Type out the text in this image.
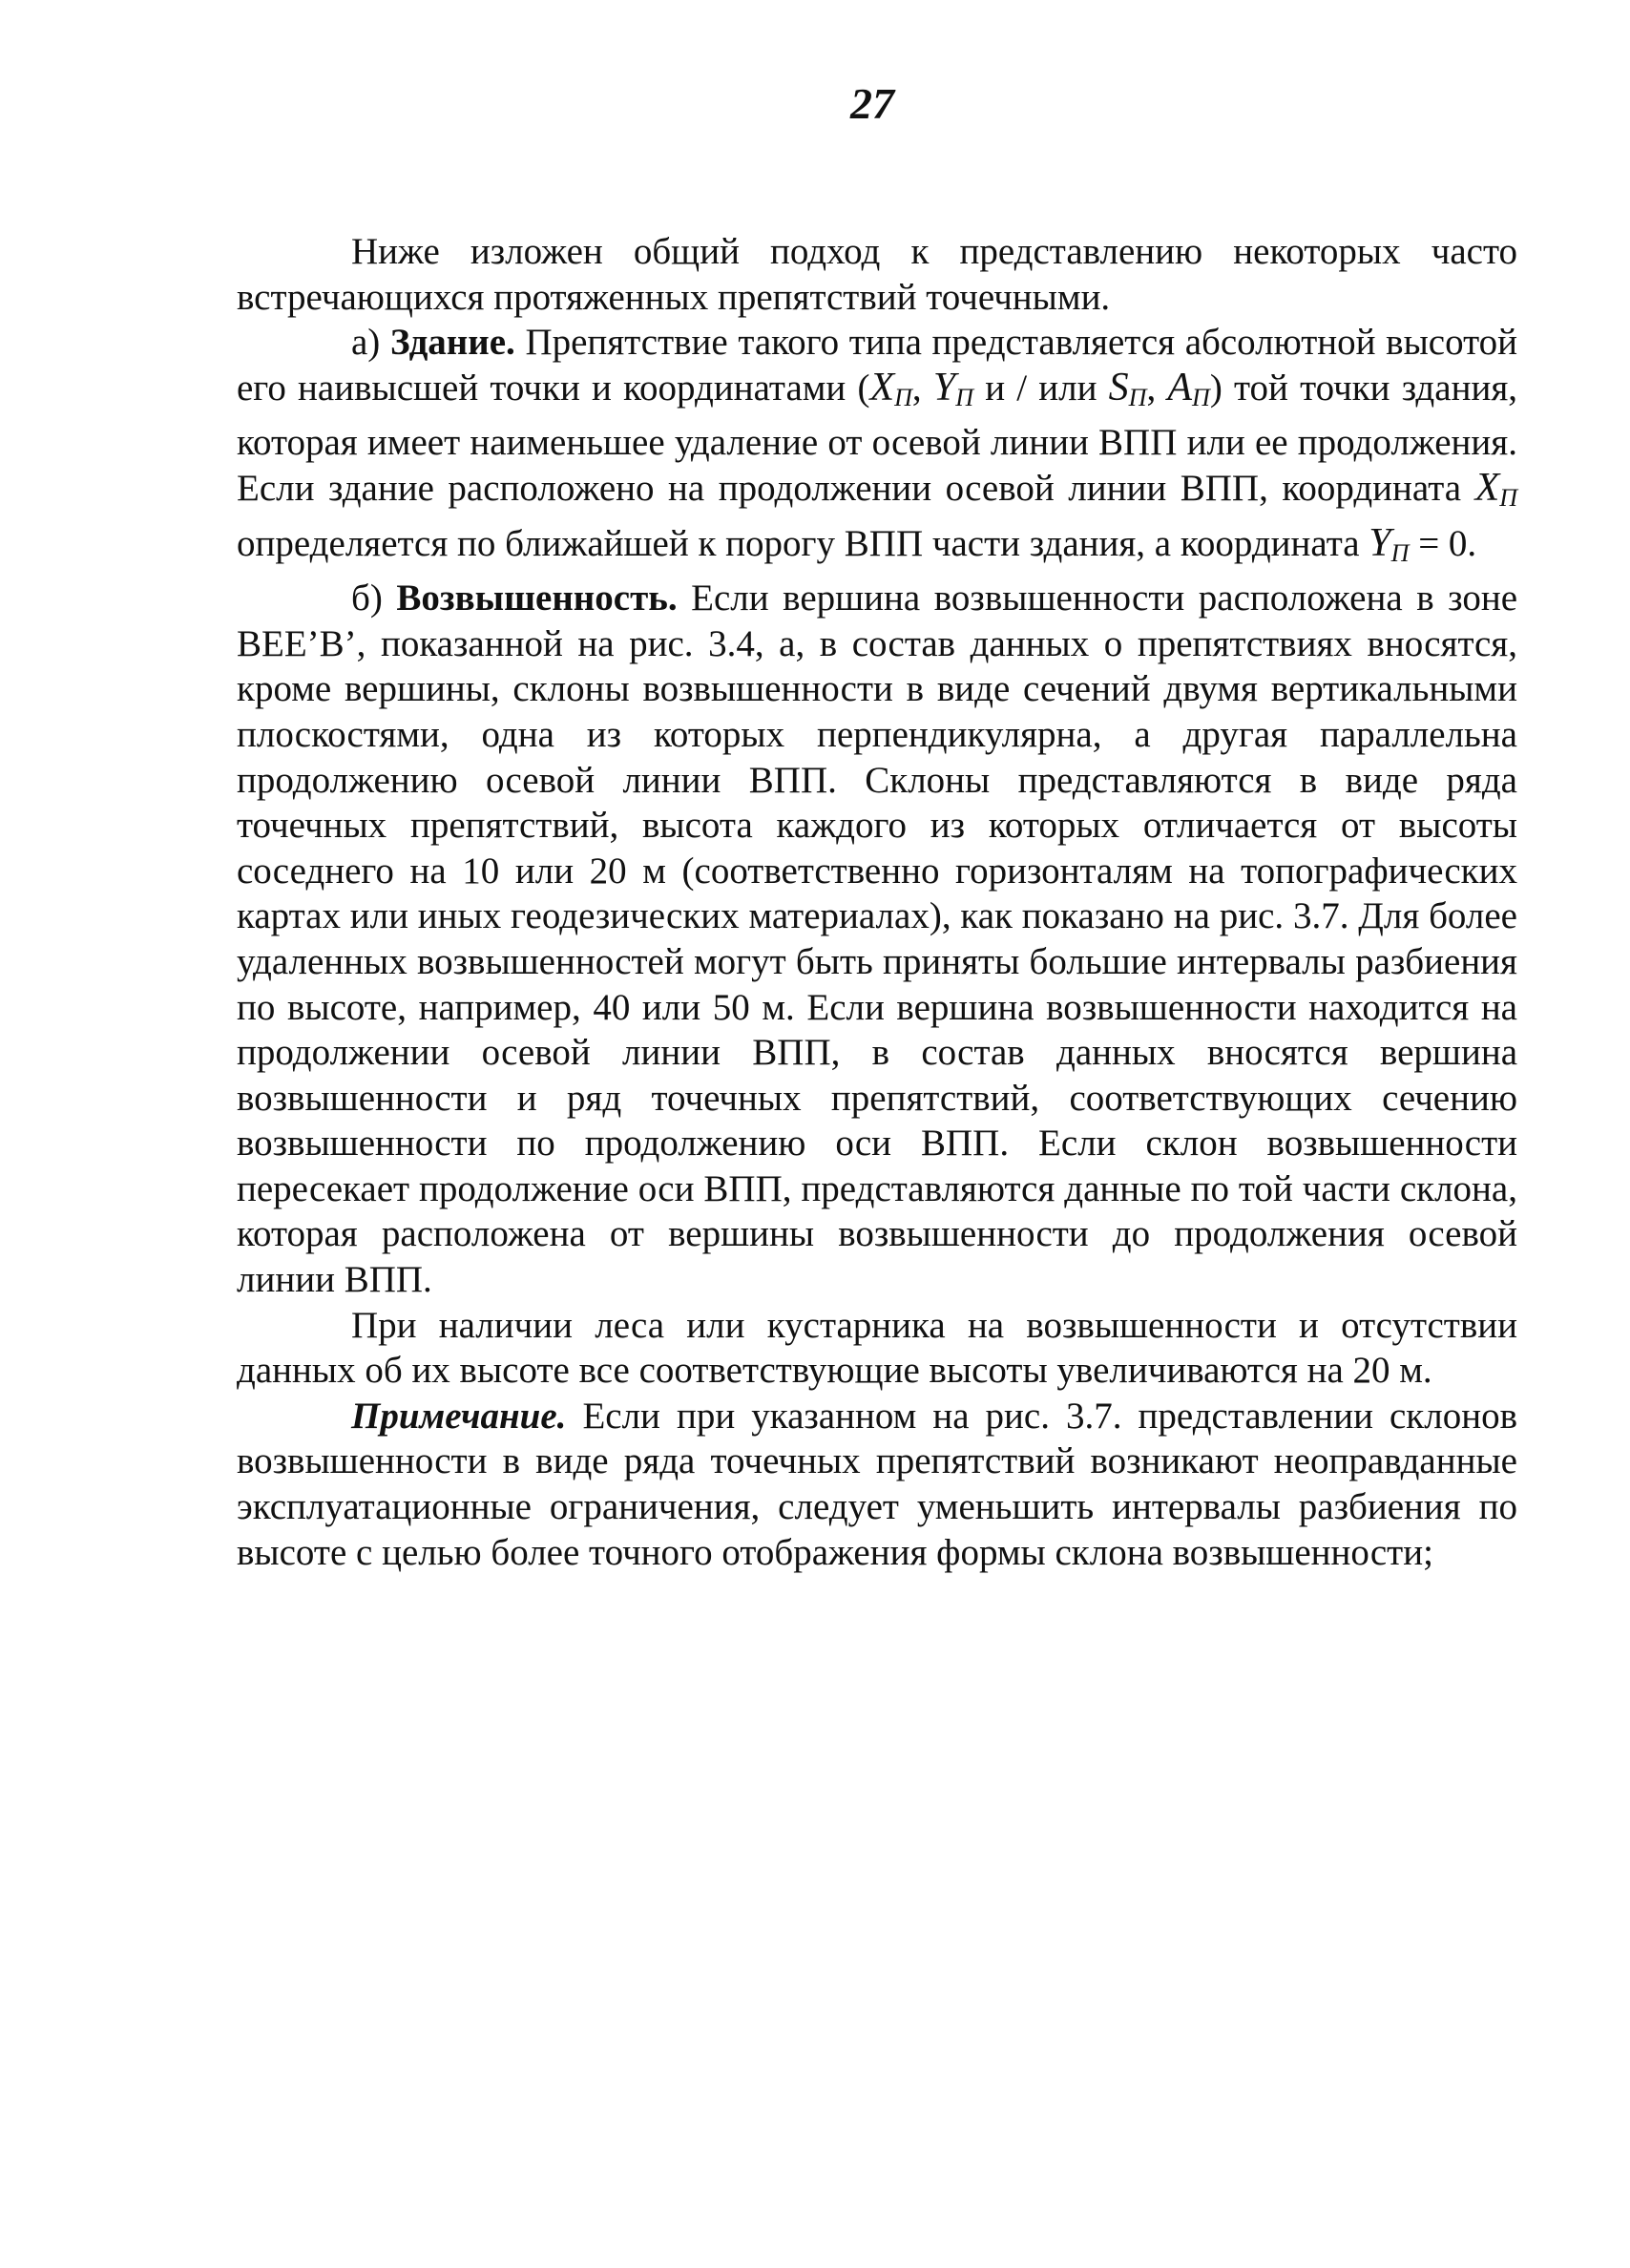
27

Ниже изложен общий подход к представлению некоторых часто встречающихся протяженных препятствий точечными.

а) Здание. Препятствие такого типа представляется абсолютной высотой его наивысшей точки и координатами ($X_П$, $Y_П$ и / или $S_П$, $A_П$) той точки здания, которая имеет наименьшее удаление от осевой линии ВПП или ее продолжения. Если здание расположено на продолжении осевой линии ВПП, координата $X_П$ определяется по ближайшей к порогу ВПП части здания, а координата $Y_П = 0$.

б) Возвышенность. Если вершина возвышенности расположена в зоне ВЕЕ’В’, показанной на рис. 3.4, а, в состав данных о препятствиях вносятся, кроме вершины, склоны возвышенности в виде сечений двумя вертикальными плоскостями, одна из которых перпендикулярна, а другая параллельна продолжению осевой линии ВПП. Склоны представляются в виде ряда точечных препятствий, высота каждого из которых отличается от высоты соседнего на 10 или 20 м (соответственно горизонталям на топографических картах или иных геодезических материалах), как показано на рис. 3.7. Для более удаленных возвышенностей могут быть приняты большие интервалы разбиения по высоте, например, 40 или 50 м. Если вершина возвышенности находится на продолжении осевой линии ВПП, в состав данных вносятся вершина возвышенности и ряд точечных препятствий, соответствующих сечению возвышенности по продолжению оси ВПП. Если склон возвышенности пересекает продолжение оси ВПП, представляются данные по той части склона, которая расположена от вершины возвышенности до продолжения осевой линии ВПП.

При наличии леса или кустарника на возвышенности и отсутствии данных об их высоте все соответствующие высоты увеличиваются на 20 м.

Примечание. Если при указанном на рис. 3.7. представлении склонов возвышенности в виде ряда точечных препятствий возникают неоправданные эксплуатационные ограничения, следует уменьшить интервалы разбиения по высоте с целью более точного отображения формы склона возвышенности;
